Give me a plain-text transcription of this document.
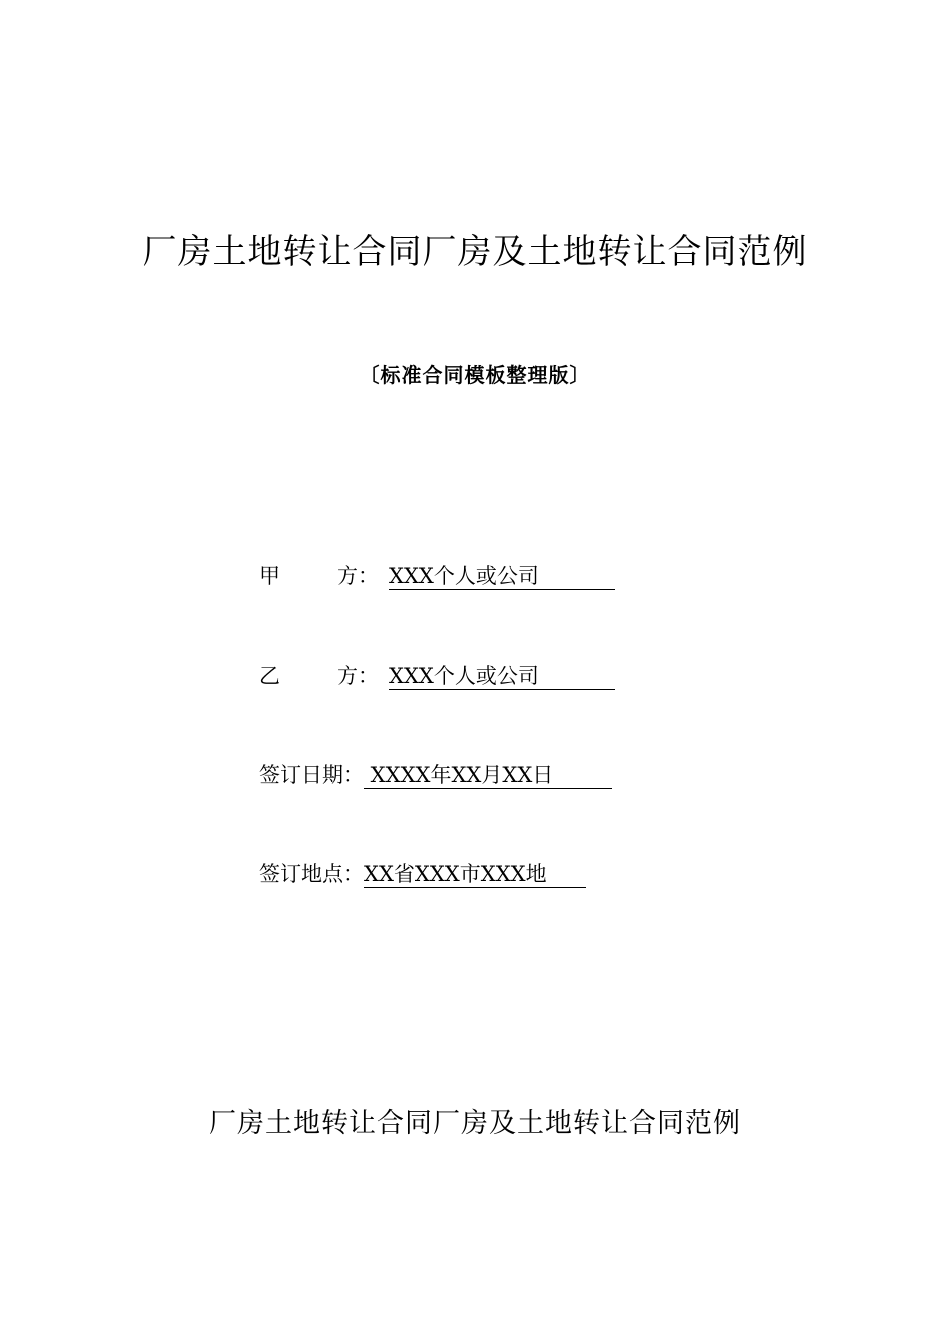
厂房土地转让合同厂房及土地转让合同范例
〔标准合同模板整理版〕
甲	方： XXX个人或公司
乙	方： XXX个人或公司
签订日期： XXXX年XX月XX日
签订地点：XX省XXX市XXX地
厂房土地转让合同厂房及土地转让合同范例
